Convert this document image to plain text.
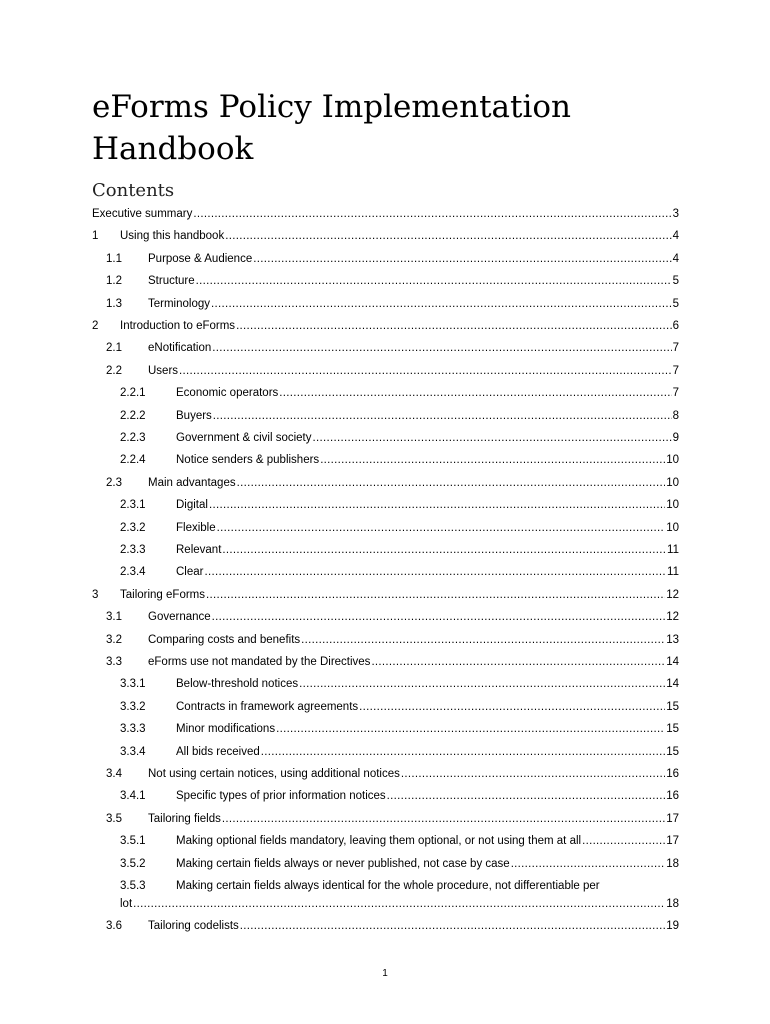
eForms Policy Implementation
Handbook
Contents
Executive summary .....	3
1 Using this handbook .....	4
1.1 Purpose & Audience .....	4
1.2 Structure .....	5
1.3 Terminology .....	5
2 Introduction to eForms .....	6
2.1 eNotification .....	7
2.2 Users .....	7
2.2.1	Economic operators .....	7
2.2.2	Buyers .....	8
2.2.3	Government & civil society .....	9
2.2.4	Notice senders & publishers .....	10
2.3 Main advantages .....	10
2.3.1	Digital .....	10
2.3.2	Flexible .....	10
2.3.3	Relevant .....	11
2.3.4	Clear .....	11
3 Tailoring eForms .....	12
3.1 Governance .....	12
3.2 Comparing costs and benefits .....	13
3.3 eForms use not mandated by the Directives .....	14
3.3.1	Below-threshold notices .....	14
3.3.2	Contracts in framework agreements .....	15
3.3.3	Minor modifications .....	15
3.3.4	All bids received .....	15
3.4 Not using certain notices, using additional notices .....	16
3.4.1	Specific types of prior information notices .....	16
3.5 Tailoring fields .....	17
3.5.1	Making optional fields mandatory, leaving them optional, or not using them at all .....	17
3.5.2	Making certain fields always or never published, not case by case .....	18
3.5.3	Making certain fields always identical for the whole procedure, not differentiable per
lot .....	18
3.6 Tailoring codelists .....	19
1
